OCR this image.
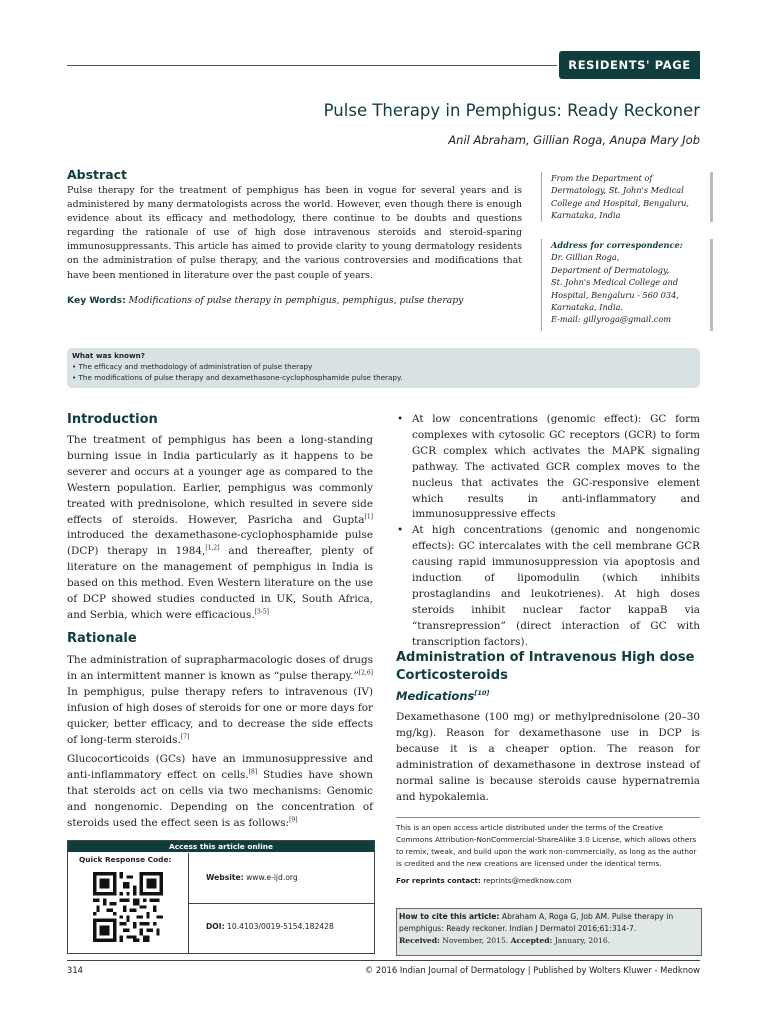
RESIDENTS' PAGE
Pulse Therapy in Pemphigus: Ready Reckoner
Anil Abraham, Gillian Roga, Anupa Mary Job
Abstract
Pulse therapy for the treatment of pemphigus has been in vogue for several years and is administered by many dermatologists across the world. However, even though there is enough evidence about its efficacy and methodology, there continue to be doubts and questions regarding the rationale of use of high dose intravenous steroids and steroid-sparing immunosuppressants. This article has aimed to provide clarity to young dermatology residents on the administration of pulse therapy, and the various controversies and modifications that have been mentioned in literature over the past couple of years.
Key Words: Modifications of pulse therapy in pemphigus, pemphigus, pulse therapy
From the Department of
Dermatology, St. John's Medical
College and Hospital, Bengaluru,
Karnataka, India
Address for correspondence:
Dr. Gillian Roga,
Department of Dermatology,
St. John's Medical College and
Hospital, Bengaluru - 560 034,
Karnataka, India.
E-mail: gillyroga@gmail.com
What was known?
• The efficacy and methodology of administration of pulse therapy
• The modifications of pulse therapy and dexamethasone-cyclophosphamide pulse therapy.
Introduction

The treatment of pemphigus has been a long-standing burning issue in India particularly as it happens to be severer and occurs at a younger age as compared to the Western population. Earlier, pemphigus was commonly treated with prednisolone, which resulted in severe side effects of steroids. However, Pasricha and Gupta[1] introduced the dexamethasone-cyclophosphamide pulse (DCP) therapy in 1984,[1,2] and thereafter, plenty of literature on the management of pemphigus in India is based on this method. Even Western literature on the use of DCP showed studies conducted in UK, South Africa, and Serbia, which were efficacious.[3-5]

Rationale

The administration of suprapharmacologic doses of drugs in an intermittent manner is known as “pulse therapy.”[2,6] In pemphigus, pulse therapy refers to intravenous (IV) infusion of high doses of steroids for one or more days for quicker, better efficacy, and to decrease the side effects of long-term steroids.[7]

Glucocorticoids (GCs) have an immunosuppressive and anti-inflammatory effect on cells.[8] Studies have shown that steroids act on cells via two mechanisms: Genomic and nongenomic. Depending on the concentration of steroids used the effect seen is as follows:[9]

Access this article online
Quick Response Code:
Website: www.e-ijd.org
DOI: 10.4103/0019-5154.182428
• At low concentrations (genomic effect): GC form complexes with cytosolic GC receptors (GCR) to form GCR complex which activates the MAPK signaling pathway. The activated GCR complex moves to the nucleus that activates the GC-responsive element which results in anti-inflammatory and immunosuppressive effects
• At high concentrations (genomic and nongenomic effects): GC intercalates with the cell membrane GCR causing rapid immunosuppression via apoptosis and induction of lipomodulin (which inhibits prostaglandins and leukotrienes). At high doses steroids inhibit nuclear factor kappaB via “transrepression” (direct interaction of GC with transcription factors).
Administration of Intravenous High dose Corticosteroids
Medications[10]
Dexamethasone (100 mg) or methylprednisolone (20–30 mg/kg). Reason for dexamethasone use in DCP is because it is a cheaper option. The reason for administration of dexamethasone in dextrose instead of normal saline is because steroids cause hypernatremia and hypokalemia.
This is an open access article distributed under the terms of the Creative Commons Attribution-NonCommercial-ShareAlike 3.0 License, which allows others to remix, tweak, and build upon the work non-commercially, as long as the author is credited and the new creations are licensed under the identical terms.
For reprints contact: reprints@medknow.com
How to cite this article: Abraham A, Roga G, Job AM. Pulse therapy in pemphigus: Ready reckoner. Indian J Dermatol 2016;61:314-7.
Received: November, 2015. Accepted: January, 2016.
314	© 2016 Indian Journal of Dermatology | Published by Wolters Kluwer - Medknow
